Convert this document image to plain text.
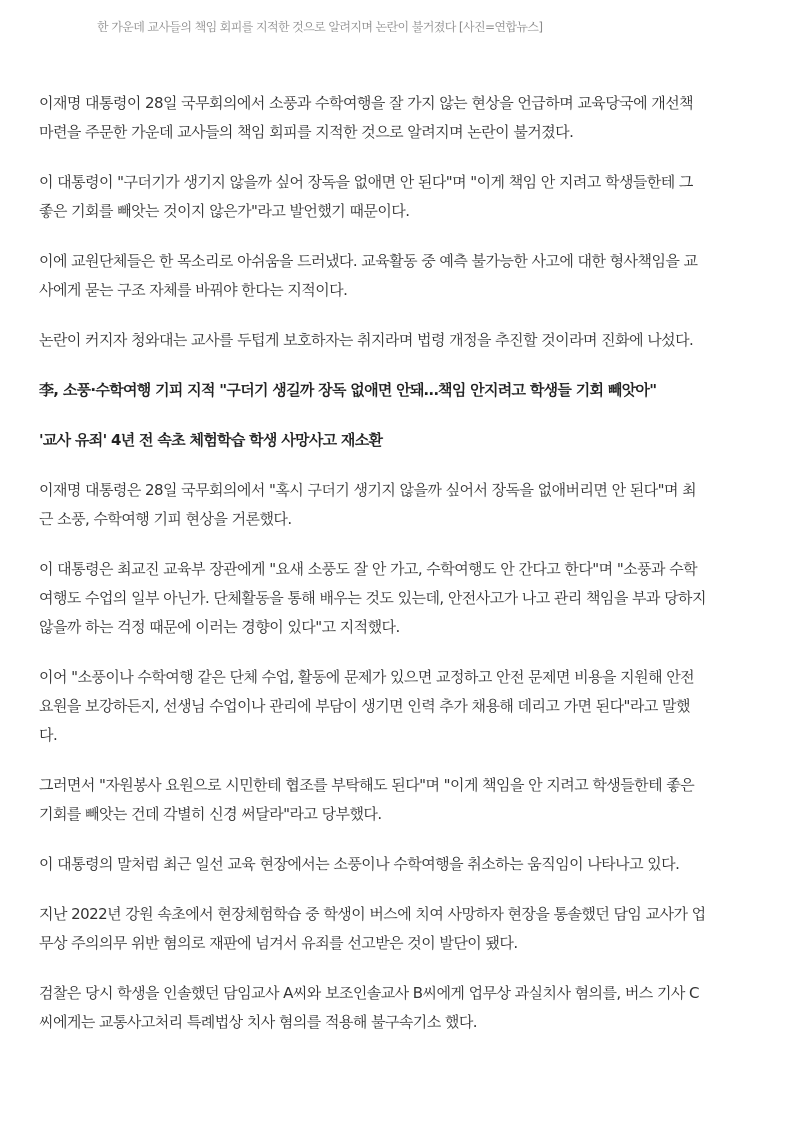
한 가운데 교사들의 책임 회피를 지적한 것으로 알려지며 논란이 불거졌다 [사진=연합뉴스]

이재명 대통령이 28일 국무회의에서 소풍과 수학여행을 잘 가지 않는 현상을 언급하며 교육당국에 개선책
마련을 주문한 가운데 교사들의 책임 회피를 지적한 것으로 알려지며 논란이 불거졌다.

이 대통령이 "구더기가 생기지 않을까 싶어 장독을 없애면 안 된다"며 "이게 책임 안 지려고 학생들한테 그
좋은 기회를 빼앗는 것이지 않은가"라고 발언했기 때문이다.

이에 교원단체들은 한 목소리로 아쉬움을 드러냈다. 교육활동 중 예측 불가능한 사고에 대한 형사책임을 교
사에게 묻는 구조 자체를 바꿔야 한다는 지적이다.

논란이 커지자 청와대는 교사를 두텁게 보호하자는 취지라며 법령 개정을 추진할 것이라며 진화에 나섰다.

李, 소풍·수학여행 기피 지적 "구더기 생길까 장독 없애면 안돼…책임 안지려고 학생들 기회 빼앗아"

'교사 유죄' 4년 전 속초 체험학습 학생 사망사고 재소환

이재명 대통령은 28일 국무회의에서 "혹시 구더기 생기지 않을까 싶어서 장독을 없애버리면 안 된다"며 최
근 소풍, 수학여행 기피 현상을 거론했다.

이 대통령은 최교진 교육부 장관에게 "요새 소풍도 잘 안 가고, 수학여행도 안 간다고 한다"며 "소풍과 수학
여행도 수업의 일부 아닌가. 단체활동을 통해 배우는 것도 있는데, 안전사고가 나고 관리 책임을 부과 당하지
않을까 하는 걱정 때문에 이러는 경향이 있다"고 지적했다.

이어 "소풍이나 수학여행 같은 단체 수업, 활동에 문제가 있으면 교정하고 안전 문제면 비용을 지원해 안전
요원을 보강하든지, 선생님 수업이나 관리에 부담이 생기면 인력 추가 채용해 데리고 가면 된다"라고 말했
다.

그러면서 "자원봉사 요원으로 시민한테 협조를 부탁해도 된다"며 "이게 책임을 안 지려고 학생들한테 좋은
기회를 빼앗는 건데 각별히 신경 써달라"라고 당부했다.

이 대통령의 말처럼 최근 일선 교육 현장에서는 소풍이나 수학여행을 취소하는 움직임이 나타나고 있다.

지난 2022년 강원 속초에서 현장체험학습 중 학생이 버스에 치여 사망하자 현장을 통솔했던 담임 교사가 업
무상 주의의무 위반 혐의로 재판에 넘겨서 유죄를 선고받은 것이 발단이 됐다.

검찰은 당시 학생을 인솔했던 담임교사 A씨와 보조인솔교사 B씨에게 업무상 과실치사 혐의를, 버스 기사 C
씨에게는 교통사고처리 특례법상 치사 혐의를 적용해 불구속기소 했다.
